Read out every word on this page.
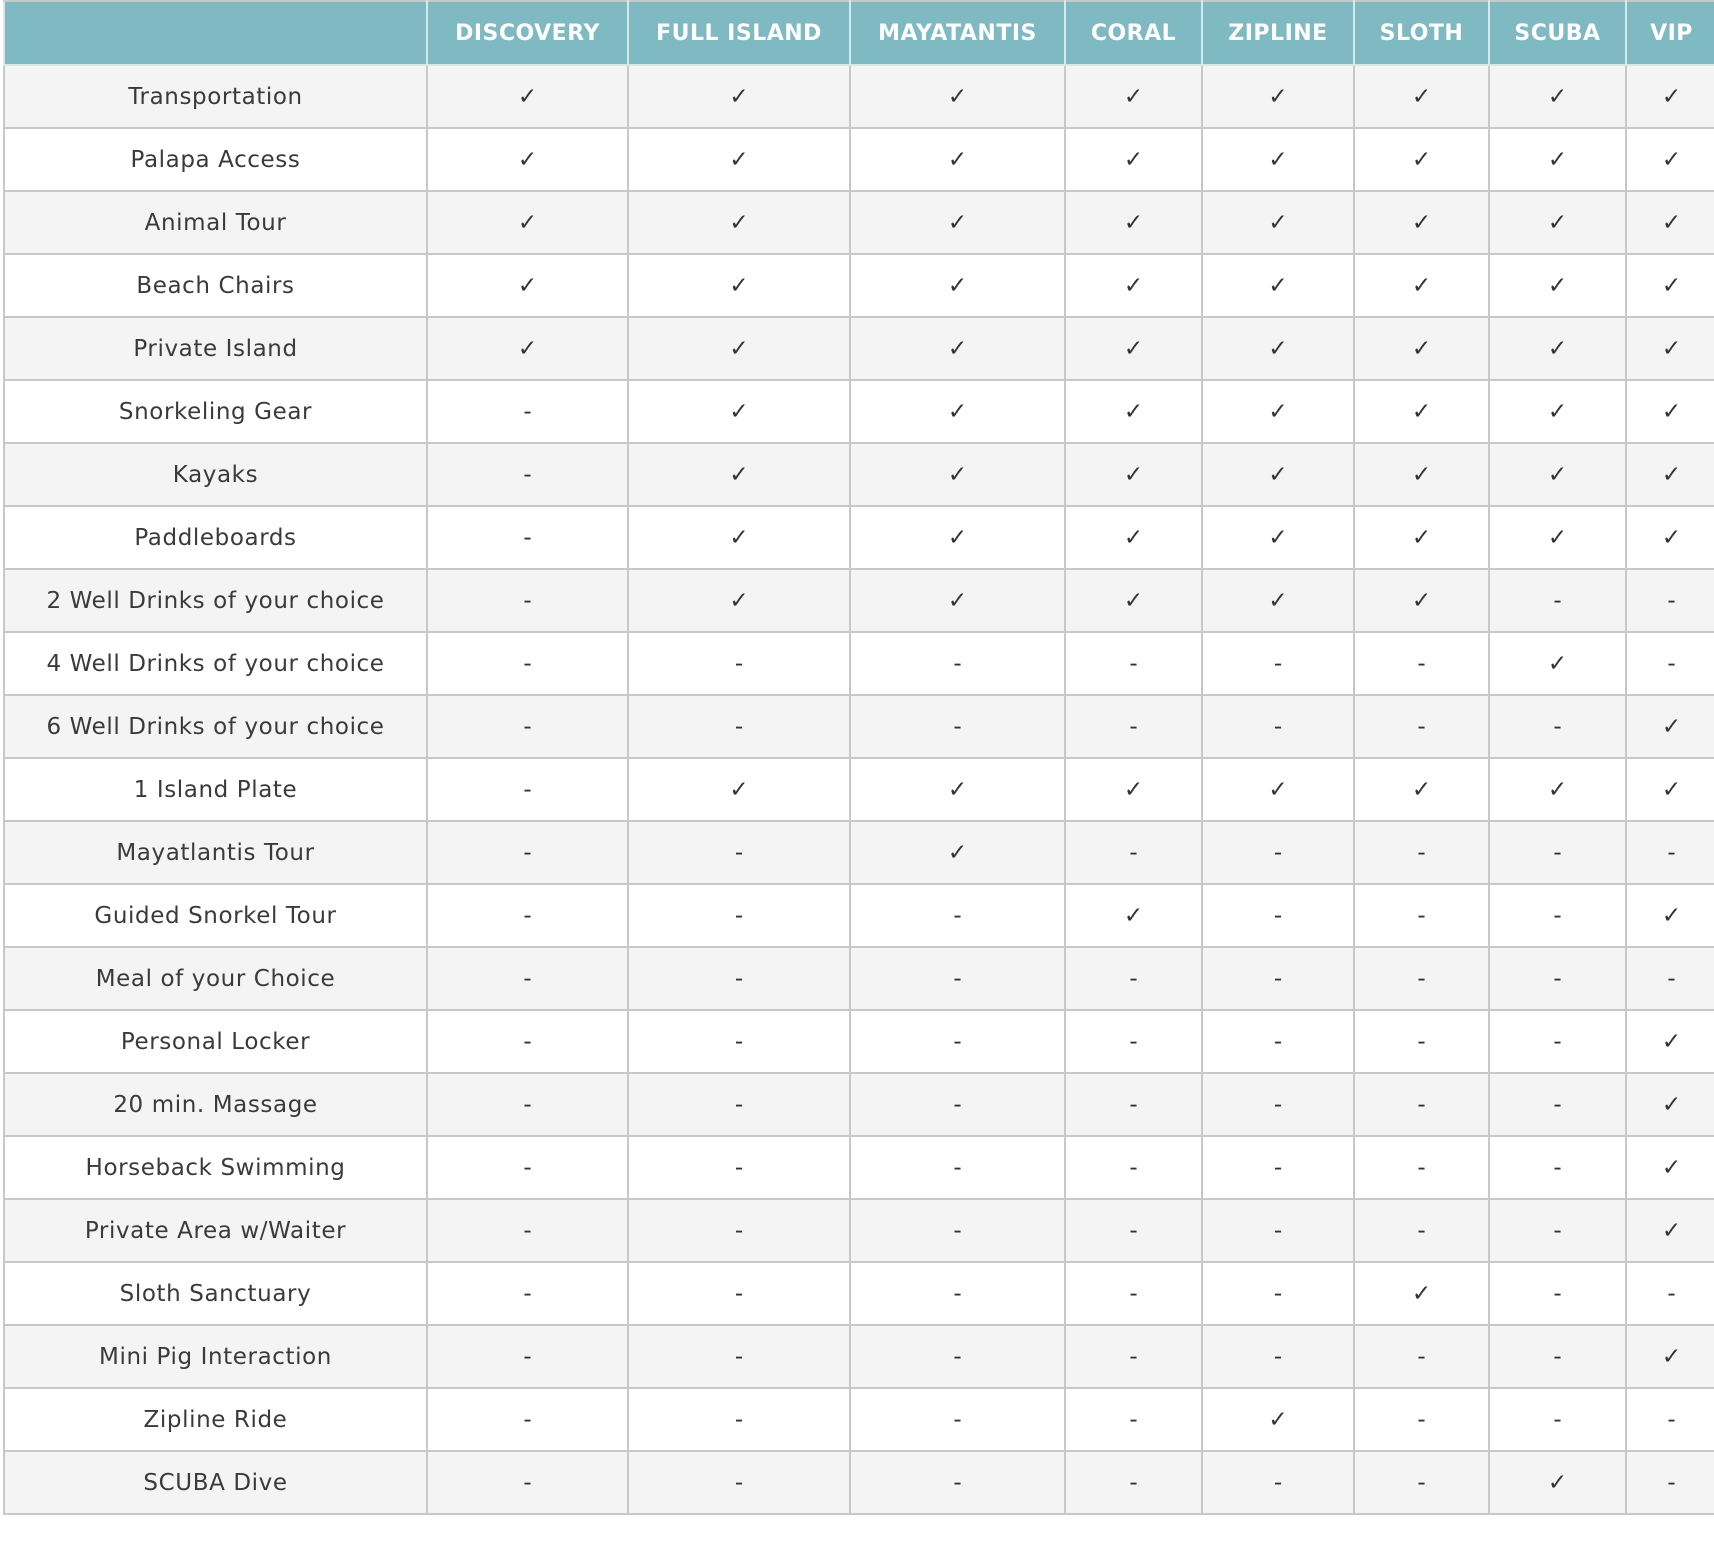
	DISCOVERY	FULL ISLAND	MAYATANTIS	CORAL	ZIPLINE	SLOTH	SCUBA	VIP
Transportation	✓	✓	✓	✓	✓	✓	✓	✓
Palapa Access	✓	✓	✓	✓	✓	✓	✓	✓
Animal Tour	✓	✓	✓	✓	✓	✓	✓	✓
Beach Chairs	✓	✓	✓	✓	✓	✓	✓	✓
Private Island	✓	✓	✓	✓	✓	✓	✓	✓
Snorkeling Gear	-	✓	✓	✓	✓	✓	✓	✓
Kayaks	-	✓	✓	✓	✓	✓	✓	✓
Paddleboards	-	✓	✓	✓	✓	✓	✓	✓
2 Well Drinks of your choice	-	✓	✓	✓	✓	✓	-	-
4 Well Drinks of your choice	-	-	-	-	-	-	✓	-
6 Well Drinks of your choice	-	-	-	-	-	-	-	✓
1 Island Plate	-	✓	✓	✓	✓	✓	✓	✓
Mayatlantis Tour	-	-	✓	-	-	-	-	-
Guided Snorkel Tour	-	-	-	✓	-	-	-	✓
Meal of your Choice	-	-	-	-	-	-	-	-
Personal Locker	-	-	-	-	-	-	-	✓
20 min. Massage	-	-	-	-	-	-	-	✓
Horseback Swimming	-	-	-	-	-	-	-	✓
Private Area w/Waiter	-	-	-	-	-	-	-	✓
Sloth Sanctuary	-	-	-	-	-	✓	-	-
Mini Pig Interaction	-	-	-	-	-	-	-	✓
Zipline Ride	-	-	-	-	✓	-	-	-
SCUBA Dive	-	-	-	-	-	-	✓	-
